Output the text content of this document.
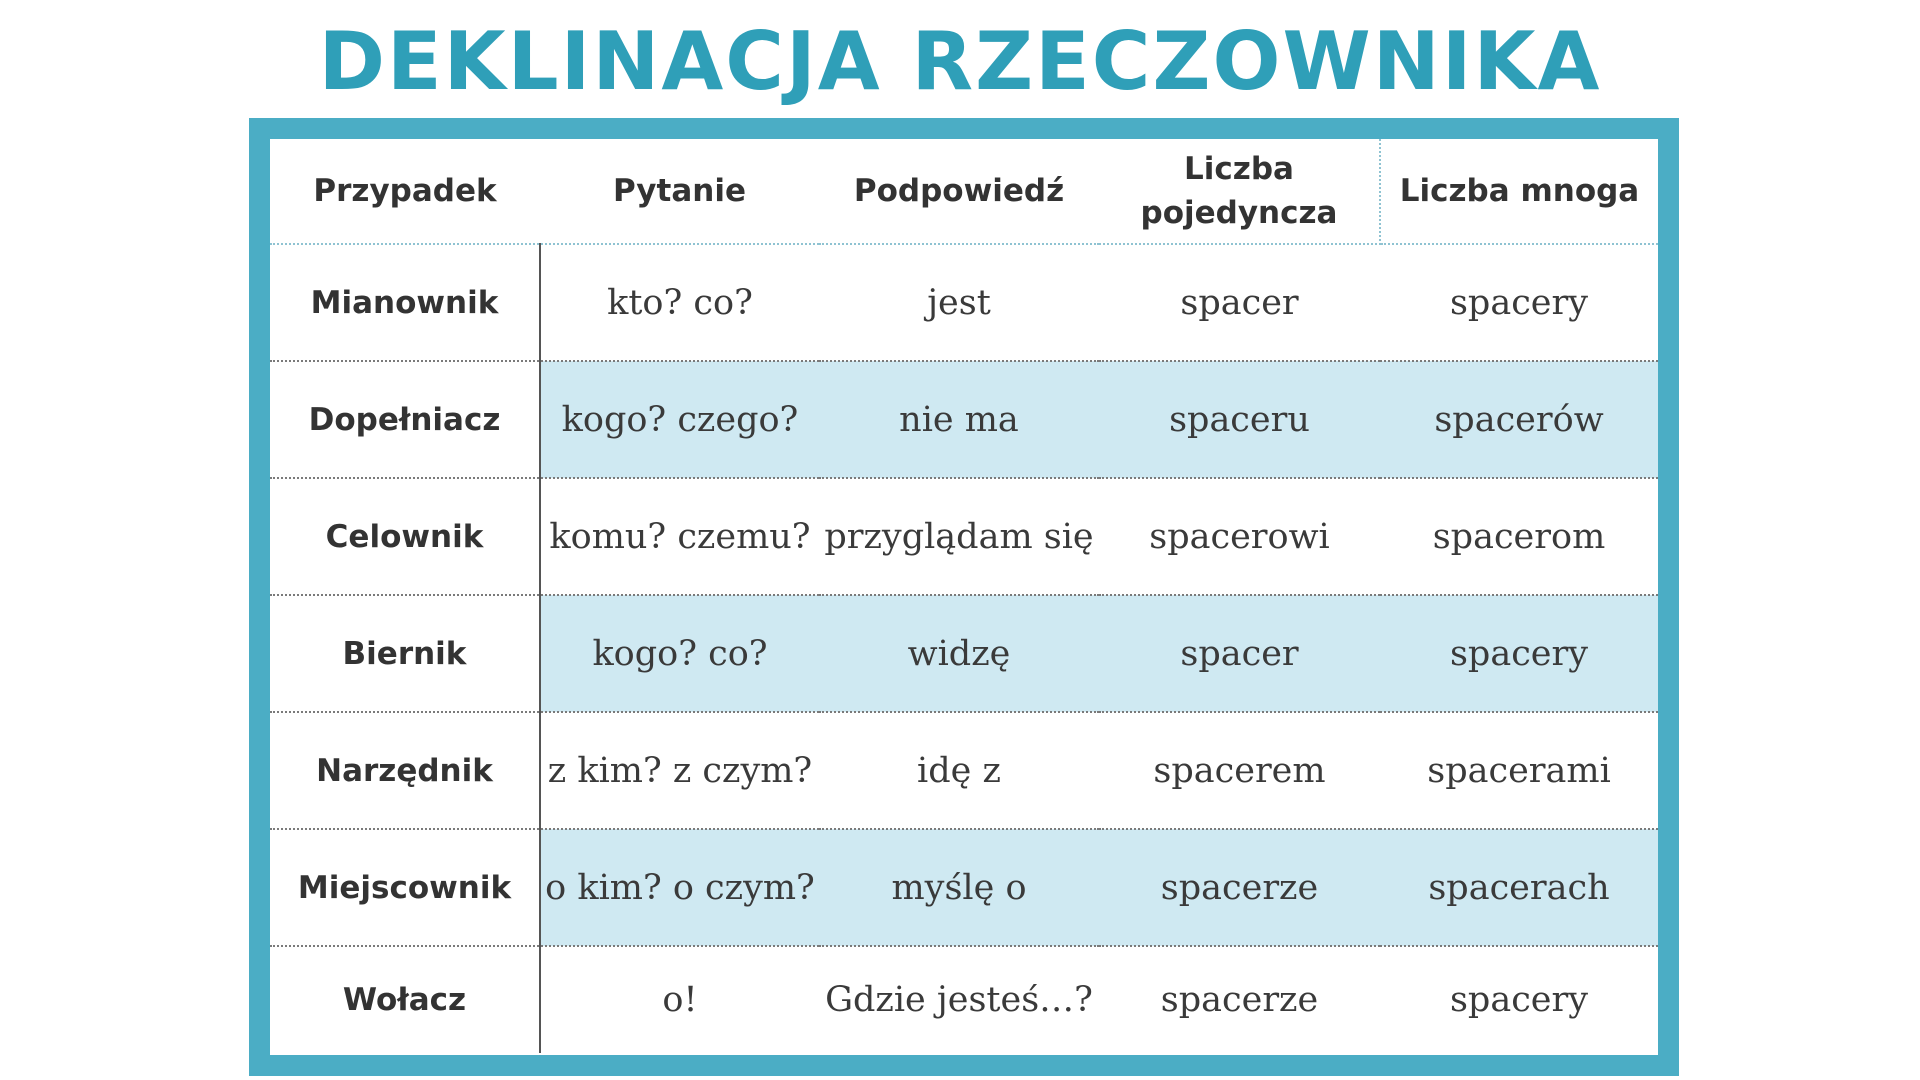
DEKLINACJA RZECZOWNIKA
Przypadek	Pytanie	Podpowiedź	Liczba pojedyncza	Liczba mnoga
Mianownik	kto? co?	jest	spacer	spacery
Dopełniacz	kogo? czego?	nie ma	spaceru	spacerów
Celownik	komu? czemu?	przyglądam się	spacerowi	spacerom
Biernik	kogo? co?	widzę	spacer	spacery
Narzędnik	z kim? z czym?	idę z	spacerem	spacerami
Miejscownik	o kim? o czym?	myślę o	spacerze	spacerach
Wołacz	o!	Gdzie jesteś…?	spacerze	spacery
